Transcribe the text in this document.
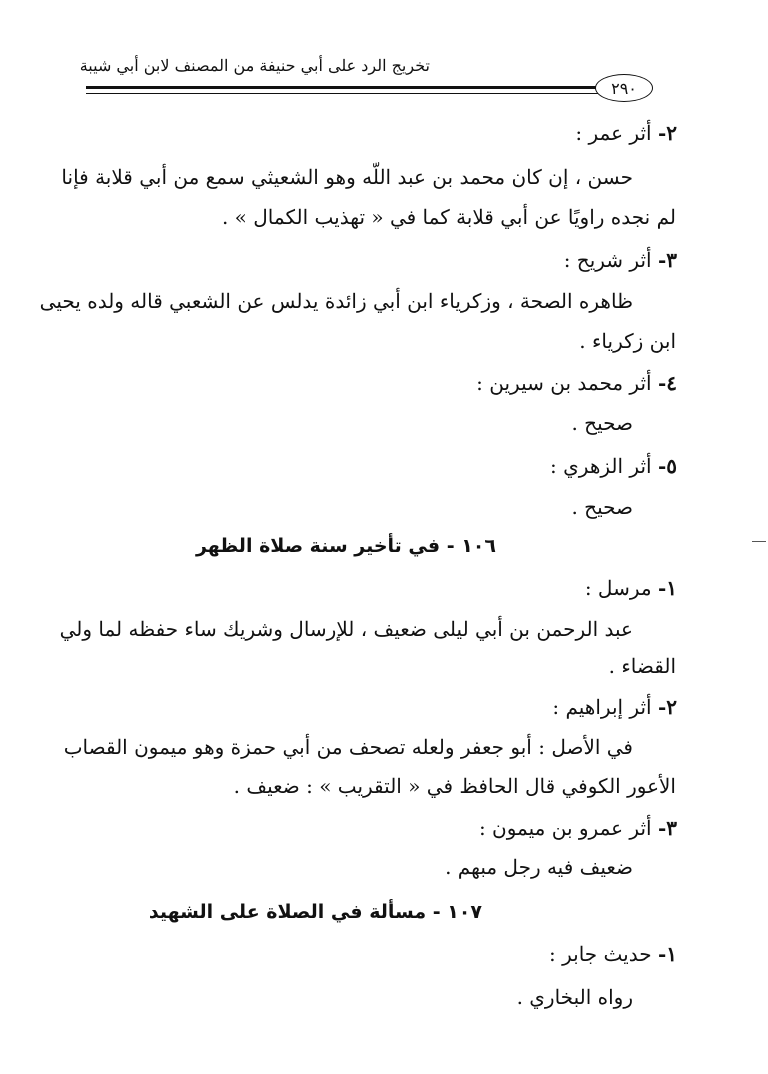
تخريج الرد على أبي حنيفة من المصنف لابن أبي شيبة
٢٩٠
٢- أثر عمر :
حسن ، إن كان محمد بن عبد اللّه وهو الشعيثي سمع من أبي قلابة فإنا
لم نجده راويًا عن أبي قلابة كما في « تهذيب الكمال » .
٣- أثر شريح :
ظاهره الصحة ، وزكرياء ابن أبي زائدة يدلس عن الشعبي قاله ولده يحيى
ابن زكرياء .
٤- أثر محمد بن سيرين :
صحيح .
٥- أثر الزهري :
صحيح .
١٠٦ - في تأخير سنة صلاة الظهر
١- مرسل :
عبد الرحمن بن أبي ليلى ضعيف ، للإرسال وشريك ساء حفظه لما ولي
القضاء .
٢- أثر إبراهيم :
في الأصل : أبو جعفر ولعله تصحف من أبي حمزة وهو ميمون القصاب
الأعور الكوفي قال الحافظ في « التقريب » : ضعيف .
٣- أثر عمرو بن ميمون :
ضعيف فيه رجل مبهم .
١٠٧ - مسألة في الصلاة على الشهيد
١- حديث جابر :
رواه البخاري .
